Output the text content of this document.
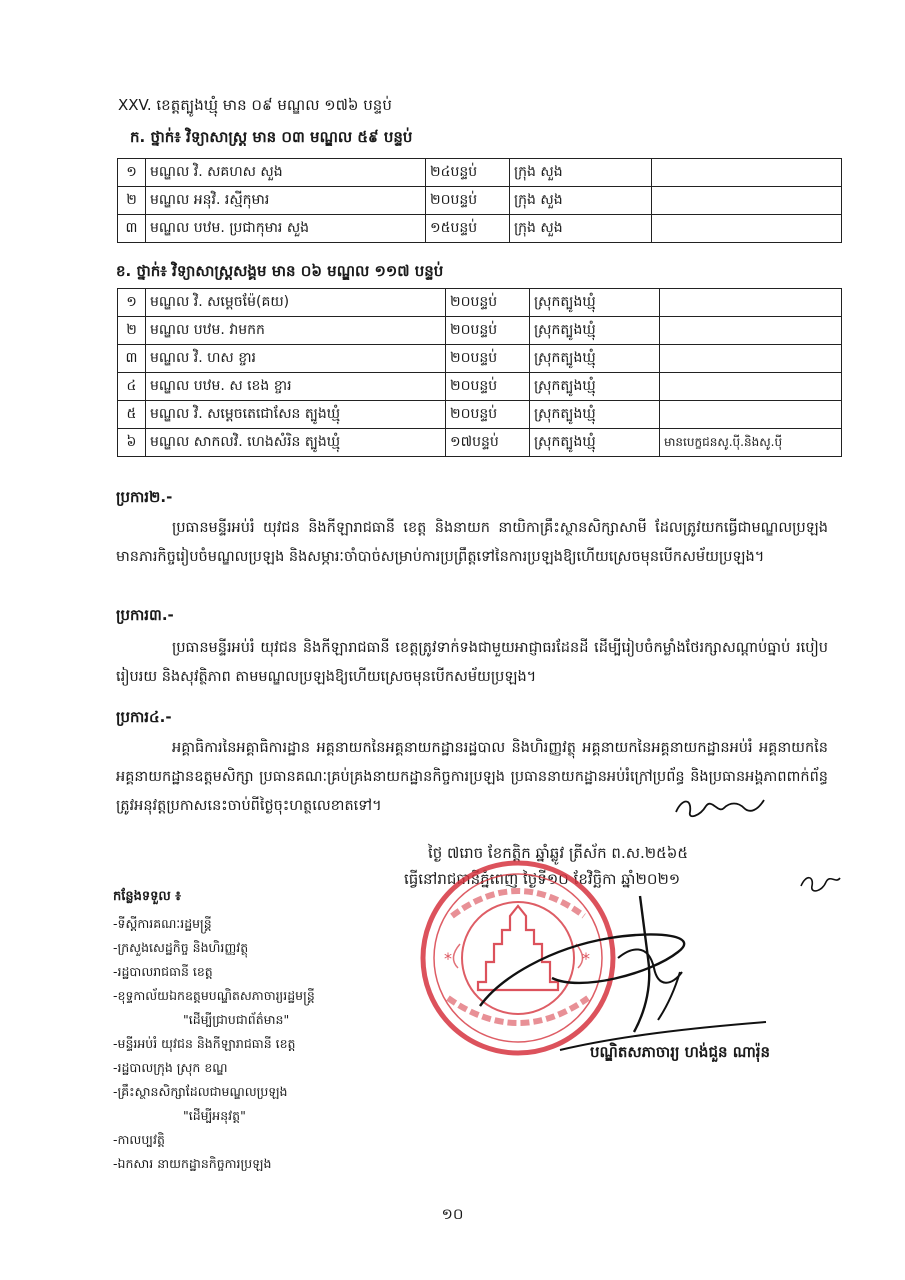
XXV. ខេត្តត្បូងឃ្មុំ មាន ០៩ មណ្ឌល ១៧៦ បន្ទប់
ក. ថ្នាក់៖ វិទ្យាសាស្ត្រ មាន ០៣ មណ្ឌល ៥៩ បន្ទប់
១	មណ្ឌល វិ. សគហស សួង	២៤បន្ទប់	ក្រុង សួង	
២	មណ្ឌល អនុវិ. រស្មីកុមារ	២០បន្ទប់	ក្រុង សួង	
៣	មណ្ឌល បឋម. ប្រជាកុមារ សួង	១៥បន្ទប់	ក្រុង សួង	
ខ. ថ្នាក់៖ វិទ្យាសាស្ត្រសង្គម មាន ០៦ មណ្ឌល ១១៧ បន្ទប់
១	មណ្ឌល វិ. សម្តេចម៉ែ(គយ)	២០បន្ទប់	ស្រុកត្បូងឃ្មុំ	
២	មណ្ឌល បឋម. វាមកក	២០បន្ទប់	ស្រុកត្បូងឃ្មុំ	
៣	មណ្ឌល វិ. ហស ខ្ចារ	២០បន្ទប់	ស្រុកត្បូងឃ្មុំ	
៤	មណ្ឌល បឋម. ស ខេង ខ្ចារ	២០បន្ទប់	ស្រុកត្បូងឃ្មុំ	
៥	មណ្ឌល វិ. សម្តេចតេជោសែន ត្បូងឃ្មុំ	២០បន្ទប់	ស្រុកត្បូងឃ្មុំ	
៦	មណ្ឌល សាកលវិ. ហេងសំរិន ត្បូងឃ្មុំ	១៧បន្ទប់	ស្រុកត្បូងឃ្មុំ	មានបេក្ខជនសូ.ប៉ី.និងសូ.ប៉ី
ប្រការ២.-
ប្រធានមន្ទីរអប់រំ យុវជន និងកីឡារាជធានី ខេត្ត និងនាយក នាយិកាគ្រឹះស្ថានសិក្សាសាមី ដែលត្រូវយកធ្វើជាមណ្ឌលប្រឡង មានភារកិច្ចរៀបចំមណ្ឌលប្រឡង និងសម្ភារៈចាំបាច់សម្រាប់ការប្រព្រឹត្តទៅនៃការប្រឡងឱ្យហើយស្រេចមុនបើកសម័យប្រឡង។
ប្រការ៣.-
ប្រធានមន្ទីរអប់រំ យុវជន និងកីឡារាជធានី ខេត្តត្រូវទាក់ទងជាមួយអាជ្ញាធរដែនដី ដើម្បីរៀបចំកម្លាំងថែរក្សាសណ្តាប់ធ្នាប់ របៀបរៀបរយ និងសុវត្ថិភាព តាមមណ្ឌលប្រឡងឱ្យហើយស្រេចមុនបើកសម័យប្រឡង។
ប្រការ៤.-
អគ្គាធិការនៃអគ្គាធិការដ្ឋាន អគ្គនាយកនៃអគ្គនាយកដ្ឋានរដ្ឋបាល និងហិរញ្ញវត្ថុ អគ្គនាយកនៃអគ្គនាយកដ្ឋានអប់រំ អគ្គនាយកនៃអគ្គនាយកដ្ឋានឧត្តមសិក្សា ប្រធានគណៈគ្រប់គ្រងនាយកដ្ឋានកិច្ចការប្រឡង ប្រធាននាយកដ្ឋានអប់រំក្រៅប្រព័ន្ធ និងប្រធានអង្គភាពពាក់ព័ន្ធ ត្រូវអនុវត្តប្រកាសនេះចាប់ពីថ្ងៃចុះហត្ថលេខាតទៅ។
ថ្ងៃ ៧រោច ខែកត្តិក ឆ្នាំឆ្លូវ ត្រីស័ក ព.ស.២៥៦៥
ធ្វើនៅរាជធានីភ្នំពេញ ថ្ងៃទី១០ ខែវិច្ឆិកា ឆ្នាំ២០២១
*	*
បណ្ឌិតសភាចារ្យ ហង់ជួន ណារ៉ុន
កន្លែងទទួល ៖
-ទីស្តីការគណៈរដ្ឋមន្ត្រី
-ក្រសួងសេដ្ឋកិច្ច និងហិរញ្ញវត្ថុ
-រដ្ឋបាលរាជធានី ខេត្ត
-ខុទ្ទកាល័យឯកឧត្តមបណ្ឌិតសភាចារ្យរដ្ឋមន្ត្រី
"ដើម្បីជ្រាបជាព័ត៌មាន"
-មន្ទីរអប់រំ យុវជន និងកីឡារាជធានី ខេត្ត
-រដ្ឋបាលក្រុង ស្រុក ខណ្ឌ
-គ្រឹះស្ថានសិក្សាដែលជាមណ្ឌលប្រឡង
"ដើម្បីអនុវត្ត"
-កាលប្បវត្តិ
-ឯកសារ នាយកដ្ឋានកិច្ចការប្រឡង
១០
